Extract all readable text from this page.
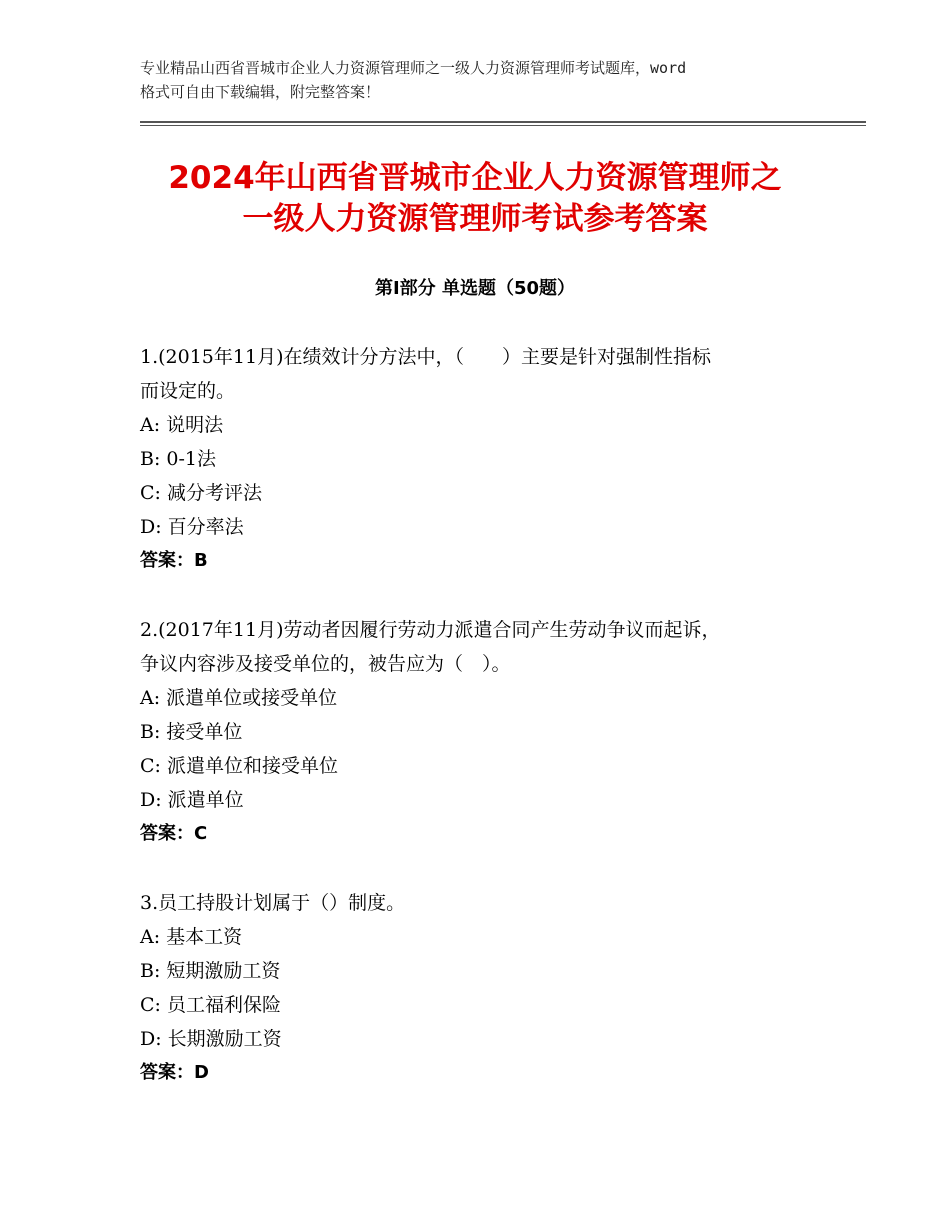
专业精品山西省晋城市企业人力资源管理师之一级人力资源管理师考试题库，word
格式可自由下载编辑，附完整答案！
2024年山西省晋城市企业人力资源管理师之
一级人力资源管理师考试参考答案
第Ⅰ部分 单选题（50题）
1.(2015年11月)在绩效计分方法中，（　　）主要是针对强制性指标
而设定的。
A: 说明法
B: 0-1法
C: 减分考评法
D: 百分率法
答案：B
2.(2017年11月)劳动者因履行劳动力派遣合同产生劳动争议而起诉，
争议内容涉及接受单位的，被告应为（　）。
A: 派遣单位或接受单位
B: 接受单位
C: 派遣单位和接受单位
D: 派遣单位
答案：C
3.员工持股计划属于（）制度。
A: 基本工资
B: 短期激励工资
C: 员工福利保险
D: 长期激励工资
答案：D
